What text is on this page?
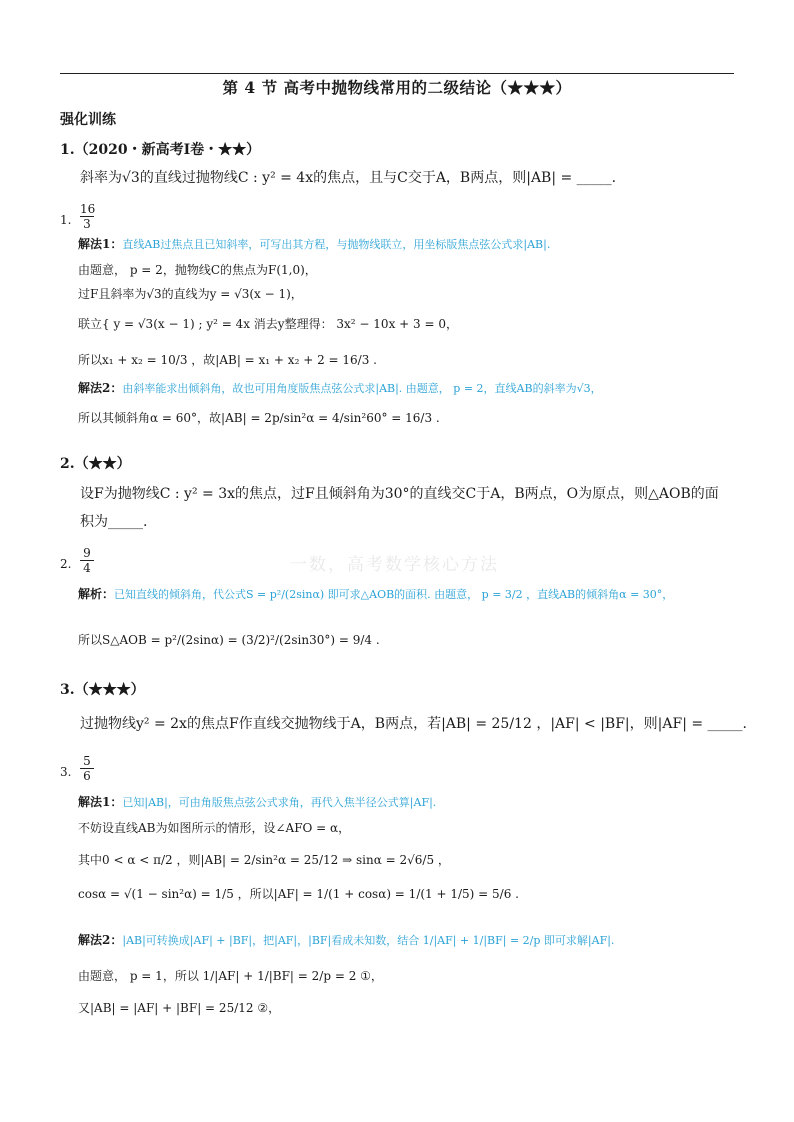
第 4 节 高考中抛物线常用的二级结论（★★★）
强化训练
一数，高考数学核心方法
1.（2020・新高考Ⅰ卷・★★）
斜率为√3的直线过抛物线C : y² = 4x的焦点，且与C交于A，B两点，则|AB| = _____.
1. $\frac{16}{3}$
解法1：直线AB过焦点且已知斜率，可写出其方程，与抛物线联立，用坐标版焦点弦公式求|AB|.
由题意， p = 2，抛物线C的焦点为F(1,0)，
过F且斜率为√3的直线为y = √3(x − 1)，
联立{ y = √3(x − 1) ; y² = 4x 消去y整理得： 3x² − 10x + 3 = 0，
所以x₁ + x₂ = 10/3 ，故|AB| = x₁ + x₂ + 2 = 16/3 .
解法2：由斜率能求出倾斜角，故也可用角度版焦点弦公式求|AB|. 由题意， p = 2，直线AB的斜率为√3，
所以其倾斜角α = 60°，故|AB| = 2p/sin²α = 4/sin²60° = 16/3 .
2.（★★）
设F为抛物线C : y² = 3x的焦点，过F且倾斜角为30°的直线交C于A，B两点，O为原点，则△AOB的面
积为_____.
2. $\frac{9}{4}$
解析：已知直线的倾斜角，代公式S = p²/(2sinα) 即可求△AOB的面积. 由题意， p = 3/2 ，直线AB的倾斜角α = 30°，
所以S△AOB = p²/(2sinα) = (3/2)²/(2sin30°) = 9/4 .
3.（★★★）
过抛物线y² = 2x的焦点F作直线交抛物线于A，B两点，若|AB| = 25/12 ，|AF| < |BF|，则|AF| = _____.
3. $\frac{5}{6}$
解法1：已知|AB|，可由角版焦点弦公式求角，再代入焦半径公式算|AF|.
不妨设直线AB为如图所示的情形，设∠AFO = α，
其中0 < α < π/2 ，则|AB| = 2/sin²α = 25/12 ⇒ sinα = 2√6/5 ，
cosα = √(1 − sin²α) = 1/5 ，所以|AF| = 1/(1 + cosα) = 1/(1 + 1/5) = 5/6 .
解法2：|AB|可转换成|AF| + |BF|，把|AF|，|BF|看成未知数，结合 1/|AF| + 1/|BF| = 2/p 即可求解|AF|.
由题意， p = 1，所以 1/|AF| + 1/|BF| = 2/p = 2 ①，
又|AB| = |AF| + |BF| = 25/12 ②，
